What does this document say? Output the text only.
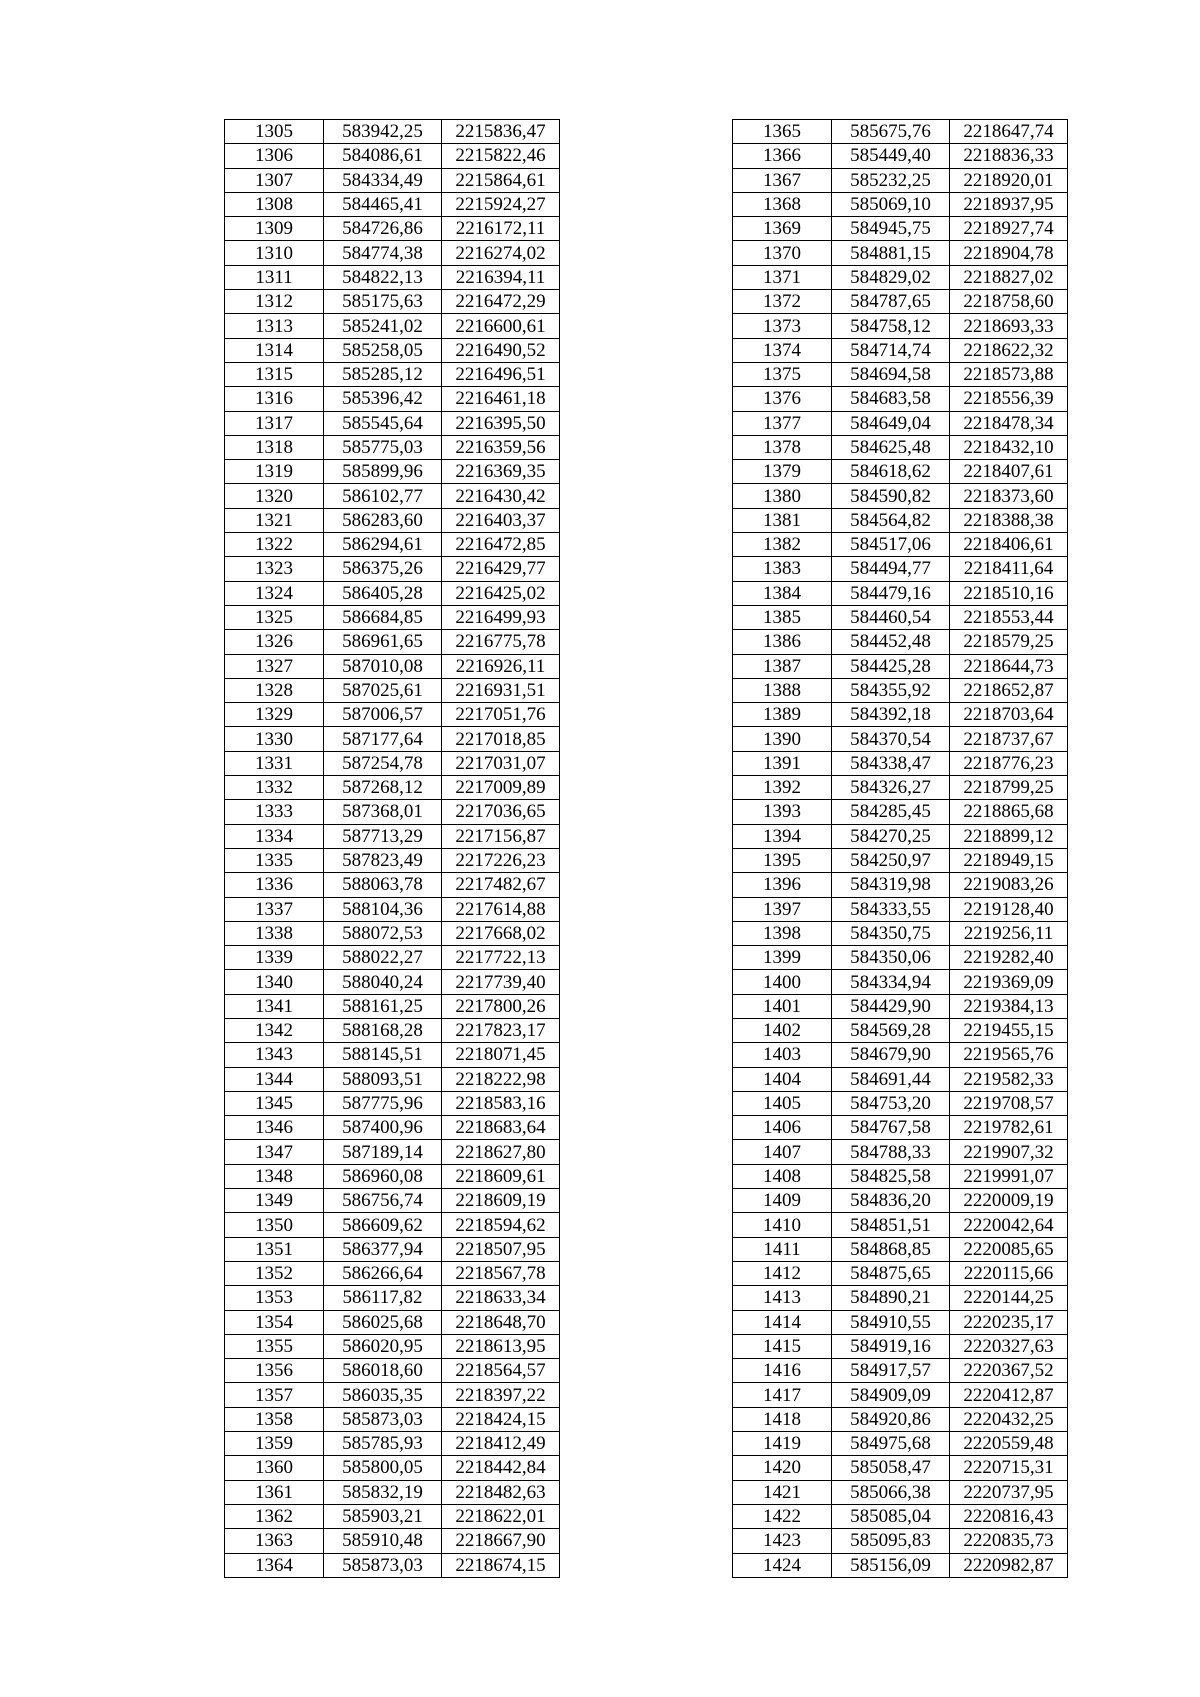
1305	583942,25	2215836,47
1306	584086,61	2215822,46
1307	584334,49	2215864,61
1308	584465,41	2215924,27
1309	584726,86	2216172,11
1310	584774,38	2216274,02
1311	584822,13	2216394,11
1312	585175,63	2216472,29
1313	585241,02	2216600,61
1314	585258,05	2216490,52
1315	585285,12	2216496,51
1316	585396,42	2216461,18
1317	585545,64	2216395,50
1318	585775,03	2216359,56
1319	585899,96	2216369,35
1320	586102,77	2216430,42
1321	586283,60	2216403,37
1322	586294,61	2216472,85
1323	586375,26	2216429,77
1324	586405,28	2216425,02
1325	586684,85	2216499,93
1326	586961,65	2216775,78
1327	587010,08	2216926,11
1328	587025,61	2216931,51
1329	587006,57	2217051,76
1330	587177,64	2217018,85
1331	587254,78	2217031,07
1332	587268,12	2217009,89
1333	587368,01	2217036,65
1334	587713,29	2217156,87
1335	587823,49	2217226,23
1336	588063,78	2217482,67
1337	588104,36	2217614,88
1338	588072,53	2217668,02
1339	588022,27	2217722,13
1340	588040,24	2217739,40
1341	588161,25	2217800,26
1342	588168,28	2217823,17
1343	588145,51	2218071,45
1344	588093,51	2218222,98
1345	587775,96	2218583,16
1346	587400,96	2218683,64
1347	587189,14	2218627,80
1348	586960,08	2218609,61
1349	586756,74	2218609,19
1350	586609,62	2218594,62
1351	586377,94	2218507,95
1352	586266,64	2218567,78
1353	586117,82	2218633,34
1354	586025,68	2218648,70
1355	586020,95	2218613,95
1356	586018,60	2218564,57
1357	586035,35	2218397,22
1358	585873,03	2218424,15
1359	585785,93	2218412,49
1360	585800,05	2218442,84
1361	585832,19	2218482,63
1362	585903,21	2218622,01
1363	585910,48	2218667,90
1364	585873,03	2218674,15
1365	585675,76	2218647,74
1366	585449,40	2218836,33
1367	585232,25	2218920,01
1368	585069,10	2218937,95
1369	584945,75	2218927,74
1370	584881,15	2218904,78
1371	584829,02	2218827,02
1372	584787,65	2218758,60
1373	584758,12	2218693,33
1374	584714,74	2218622,32
1375	584694,58	2218573,88
1376	584683,58	2218556,39
1377	584649,04	2218478,34
1378	584625,48	2218432,10
1379	584618,62	2218407,61
1380	584590,82	2218373,60
1381	584564,82	2218388,38
1382	584517,06	2218406,61
1383	584494,77	2218411,64
1384	584479,16	2218510,16
1385	584460,54	2218553,44
1386	584452,48	2218579,25
1387	584425,28	2218644,73
1388	584355,92	2218652,87
1389	584392,18	2218703,64
1390	584370,54	2218737,67
1391	584338,47	2218776,23
1392	584326,27	2218799,25
1393	584285,45	2218865,68
1394	584270,25	2218899,12
1395	584250,97	2218949,15
1396	584319,98	2219083,26
1397	584333,55	2219128,40
1398	584350,75	2219256,11
1399	584350,06	2219282,40
1400	584334,94	2219369,09
1401	584429,90	2219384,13
1402	584569,28	2219455,15
1403	584679,90	2219565,76
1404	584691,44	2219582,33
1405	584753,20	2219708,57
1406	584767,58	2219782,61
1407	584788,33	2219907,32
1408	584825,58	2219991,07
1409	584836,20	2220009,19
1410	584851,51	2220042,64
1411	584868,85	2220085,65
1412	584875,65	2220115,66
1413	584890,21	2220144,25
1414	584910,55	2220235,17
1415	584919,16	2220327,63
1416	584917,57	2220367,52
1417	584909,09	2220412,87
1418	584920,86	2220432,25
1419	584975,68	2220559,48
1420	585058,47	2220715,31
1421	585066,38	2220737,95
1422	585085,04	2220816,43
1423	585095,83	2220835,73
1424	585156,09	2220982,87
